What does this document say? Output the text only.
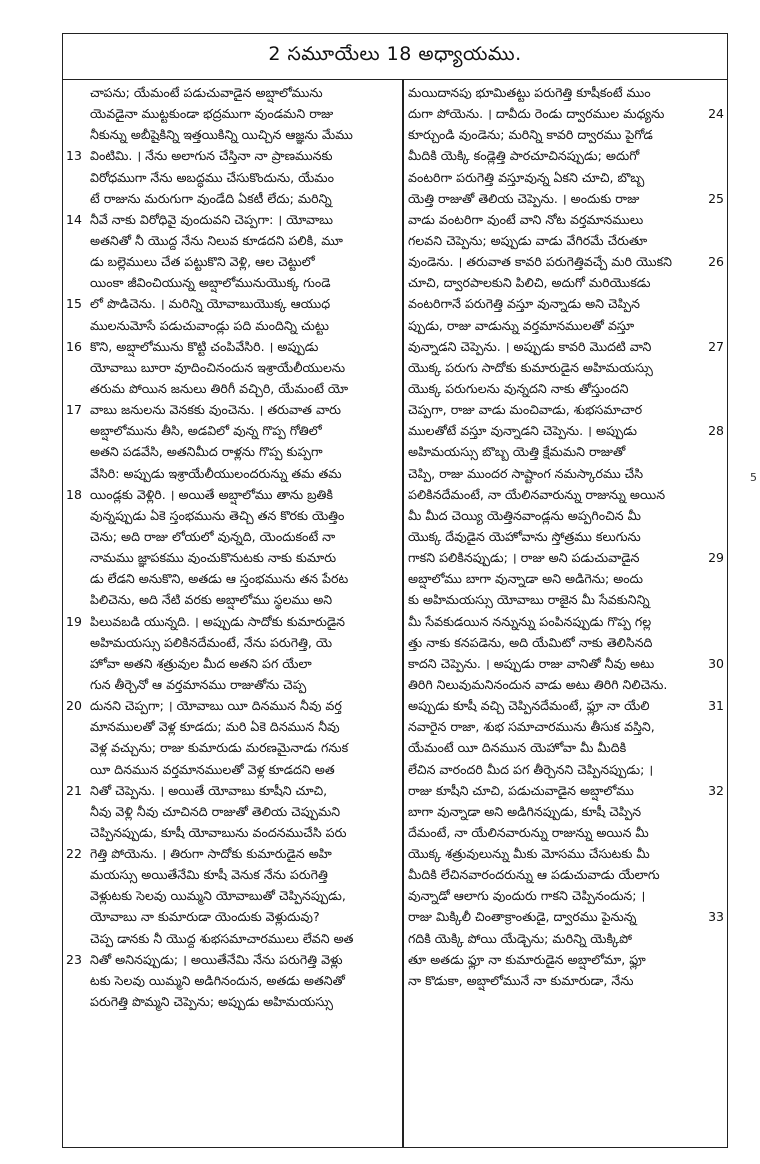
2 సమూయేలు 18 అధ్యాయము.
చాపను; యేమంటే పడుచువాడైన అబ్షాలోమును
యెవడైనా ముట్టకుండా భద్రముగా వుండమని రాజు
నీకున్ను అబీషైకిన్ని ఇత్తయికిన్ని యిచ్చిన ఆజ్ఞను మేము
13 వింటిమి. । నేను అలాగున చేస్తినా నా ప్రాణమునకు
విరోధముగా నేను అబద్ధము చేసుకొందును, యేమం
టే రాజును మరుగుగా వుండేది ఏకటీ లేదు; మరిన్ని
14 నీవే నాకు విరోధివై వుందువని చెప్పగా: । యోవాబు
అతనితో నీ యొద్ద నేను నిలువ కూడదని పలికి, మూ
డు బల్లెములు చేత పట్టుకొని వెళ్లి, ఆల చెట్టులో
యింకా జీవించియున్న అబ్షాలోమునుయొక్క గుండె
15 లో పొడిచెను. । మరిన్ని యోవాబుయొక్క ఆయుధ
ములనుమోసే పడుచువాండ్లు పది మందిన్ని చుట్టు
16 కొని, అబ్షాలోమును కొట్టి చంపివేసిరి. । అప్పుడు
యోవాబు బూరా వూదించినందున ఇశ్రాయేలీయులను
తరుమ పోయిన జనులు తిరిగీ వచ్చిరి, యేమంటే యో
17 వాబు జనులను వెనకకు వుంచెను. । తరువాత వారు
అబ్షాలోమును తీసి, అడవిలో వున్న గొప్ప గోతిలో
అతని పడవేసి, అతనిమీద రాళ్లను గొప్ప కుప్పగా
వేసిరి: అప్పుడు ఇశ్రాయేలీయులందరున్ను తమ తమ
18 యిండ్లకు వెళ్లిరి. । అయితే అబ్షాలోము తాను బ్రతికి
వున్నప్పుడు ఏకె స్తంభమును తెచ్చి తన కొరకు యెత్తిం
చెను; అది రాజు లోయలో వున్నది, యెందుకంటే నా
నామము జ్ఞాపకము వుంచుకొనుటకు నాకు కుమారు
డు లేడని అనుకొని, అతడు ఆ స్తంభమును తన పేరట
పిలిచెను, అది నేటి వరకు అబ్షాలోము స్థలము అని
19 పిలువబడి యున్నది. । అప్పుడు సాదోకు కుమారుడైన
అహిమయస్సు పలికినదేమంటే, నేను పరుగెత్తి, యె
హోవా అతని శత్రువుల మీద అతని పగ యేలా
గున తీర్చెనో ఆ వర్తమానము రాజుతోను చెప్ప
20 దునని చెప్పగా; । యోవాబు యీ దినమున నీవు వర్త
మానములతో వెళ్ల కూడదు; మరి ఏకె దినమున నీవు
వెళ్ల వచ్చును; రాజు కుమారుడు మరణమైనాడు గనుక
యీ దినమున వర్తమానములతో వెళ్ల కూడదని అత
21 నితో చెప్పెను. । అయితే యోవాబు కూషీని చూచి,
నీవు వెళ్లి నీవు చూచినది రాజుతో తెలియ చెప్పుమని
చెప్పినప్పుడు, కూషీ యోవాబును వందనముచేసి పరు
22 గెత్తి పోయెను. । తిరుగా సాదోకు కుమారుడైన అహి
మయస్సు అయితేనేమి కూషీ వెనుక నేను పరుగెత్తి
వెళ్లుటకు సెలవు యిమ్మని యోవాబుతో చెప్పినప్పుడు,
యోవాబు నా కుమారుడా యెందుకు వెళ్లుదువు?
చెప్ప డానకు నీ యొద్ద శుభసమాచారములు లేవని అత
23 నితో అనినప్పుడు; । అయితేనేమి నేను పరుగెత్తి వెళ్లు
టకు సెలవు యిమ్మని అడిగినందున, అతడు అతనితో
పరుగెత్తి పొమ్మని చెప్పెను; అప్పుడు అహిమయస్సు
మయిదానపు భూమితట్టు పరుగెత్తి కూషీకంటే ముం
24
దుగా పోయెను. । దావీదు రెండు ద్వారముల మధ్యను
కూర్చుండి వుండెను; మరిన్ని కావరి ద్వారము పైగోడ
మీదికి యెక్కి కండ్లెత్తి పారచూచినప్పుడు; అదుగో
వంటరిగా పరుగెత్తి వస్తూవున్న ఏకని చూచి, బొబ్బ
25
యెత్తి రాజుతో తెలియ చెప్పెను. । అందుకు రాజు
వాడు వంటరిగా వుంటే వాని నోట వర్తమానములు
గలవని చెప్పెను; అప్పుడు వాడు వేగిరమే చేరుతూ
26
వుండెను. । తరువాత కావరి పరుగెత్తివచ్చే మరి యొకని
చూచి, ద్వారపాలకుని పిలిచి, అదుగో మరియొకడు
వంటరిగానే పరుగెత్తి వస్తూ వున్నాడు అని చెప్పిన
ప్పుడు, రాజు వాడున్ను వర్తమానములతో వస్తూ
27
వున్నాడని చెప్పెను. । అప్పుడు కావరి మొదటి వాని
యొక్క పరుగు సాదోకు కుమారుడైన అహిమయస్సు
యొక్క పరుగులను వున్నదని నాకు తోస్తుందని
చెప్పగా, రాజు వాడు మంచివాడు, శుభసమాచార
28
ములతోటే వస్తూ వున్నాడని చెప్పెను. । అప్పుడు
అహిమయస్సు బొబ్బ యెత్తి క్షేమమని రాజుతో
చెప్పి, రాజు ముందర సాష్టాంగ నమస్కారము చేసి
పలికినదేమంటే, నా యేలినవారున్ను రాజున్ను అయిన
మీ మీద చెయ్యి యెత్తినవాండ్లను అప్పగించిన మీ
యొక్క దేవుడైన యెహోవాను స్తోత్రము కలుగును
29
గాకని పలికినప్పుడు; । రాజు అని పడుచువాడైన
అబ్షాలోము బాగా వున్నాడా అని అడిగెను; అందు
కు అహిమయస్సు యోవాబు రాజైన మీ సేవకునిన్ని
మీ సేవకుడయిన నన్నున్ను పంపినప్పుడు గొప్ప గల్ల
త్తు నాకు కనపడెను, అది యేమిటో నాకు తెలిసినది
30
కాదని చెప్పెను. । అప్పుడు రాజు వానితో నీవు అటు
తిరిగి నిలువుమనినందున వాడు అటు తిరిగి నిలిచెను.
31
అప్పుడు కూషీ వచ్చి చెప్పినదేమంటే, ఫ్లూ నా యేలి
నవారైన రాజా, శుభ సమాచారమును తీసుక వస్తిని,
యేమంటే యీ దినమున యెహోవా మీ మీదికి
లేచిన వారందరి మీద పగ తీర్చెనని చెప్పినప్పుడు; ।
32
రాజు కూషీని చూచి, పడుచువాడైన అబ్షాలోము
బాగా వున్నాడా అని అడిగినప్పుడు, కూషీ చెప్పిన
దేమంటే, నా యేలినవారున్ను రాజున్ను అయిన మీ
యొక్క శత్రువులున్ను మీకు మోసము చేసుటకు మీ
మీదికి లేచినవారందరున్ను ఆ పడుచువాడు యేలాగు
వున్నాడో ఆలాగు వుందురు గాకని చెప్పినందున; ।
33
రాజు మిక్కిలీ చింతాక్రాంతుడై, ద్వారము పైనున్న
గదికి యెక్కి పోయి యేడ్చెను; మరిన్ని యెక్కిపో
తూ అతడు ఫ్లూ నా కుమారుడైన అబ్షాలోమా, ఫ్లూ
నా కొడుకా, అబ్షాలోమునే నా కుమారుడా, నేను
5
